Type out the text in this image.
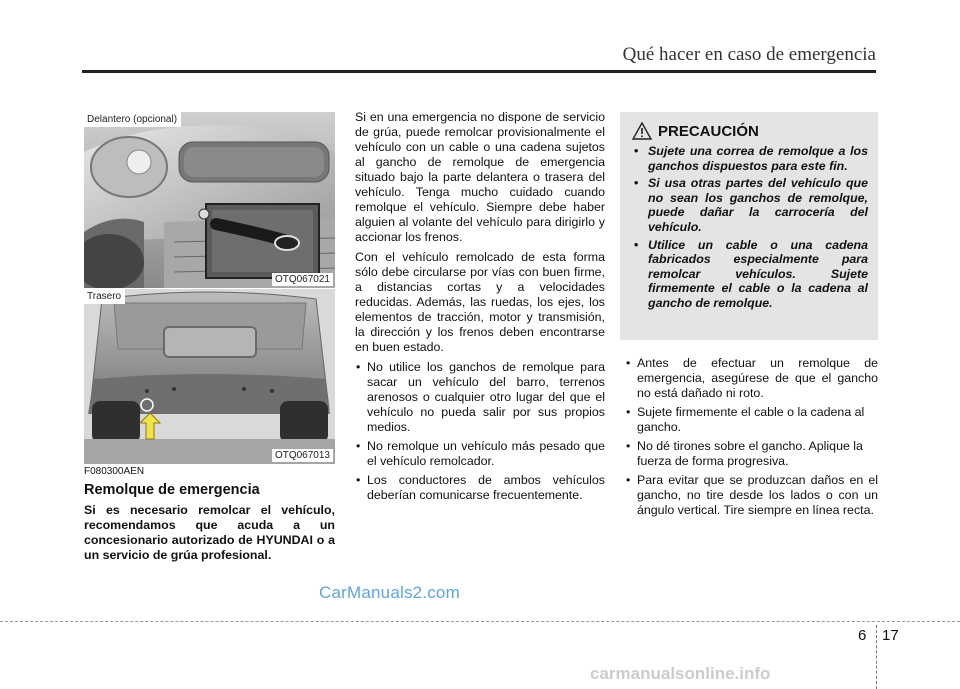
Qué hacer en caso de emergencia
Delantero (opcional)
OTQ067021
Trasero
OTQ067013
F080300AEN
Remolque de emergencia
Si es necesario remolcar el vehículo, recomendamos que acuda a un concesionario autorizado de HYUNDAI o a un servicio de grúa profesional.

Si en una emergencia no dispone de servicio de grúa, puede remolcar provisionalmente el vehículo con un cable o una cadena sujetos al gancho de remolque de emergencia situado bajo la parte delantera o trasera del vehículo. Tenga mucho cuidado cuando remolque el vehículo. Siempre debe haber alguien al volante del vehículo para dirigirlo y accionar los frenos.

Con el vehículo remolcado de esta forma sólo debe circularse por vías con buen firme, a distancias cortas y a velocidades reducidas. Además, las ruedas, los ejes, los elementos de tracción, motor y transmisión, la dirección y los frenos deben encontrarse en buen estado.

• No utilice los ganchos de remolque para sacar un vehículo del barro, terrenos arenosos o cualquier otro lugar del que el vehículo no pueda salir por sus propios medios.
• No remolque un vehículo más pesado que el vehículo remolcador.
• Los conductores de ambos vehículos deberían comunicarse frecuentemente.
PRECAUCIÓN
• Sujete una correa de remolque a los ganchos dispuestos para este fin.
• Si usa otras partes del vehículo que no sean los ganchos de remolque, puede dañar la carrocería del vehículo.
• Utilice un cable o una cadena fabricados especialmente para remolcar vehículos. Sujete firmemente el cable o la cadena al gancho de remolque.
• Antes de efectuar un remolque de emergencia, asegúrese de que el gancho no está dañado ni roto.
• Sujete firmemente el cable o la cadena al gancho.
• No dé tirones sobre el gancho. Aplique la fuerza de forma progresiva.
• Para evitar que se produzcan daños en el gancho, no tire desde los lados o con un ángulo vertical. Tire siempre en línea recta.
CarManuals2.com
6 17
carmanualsonline.info
